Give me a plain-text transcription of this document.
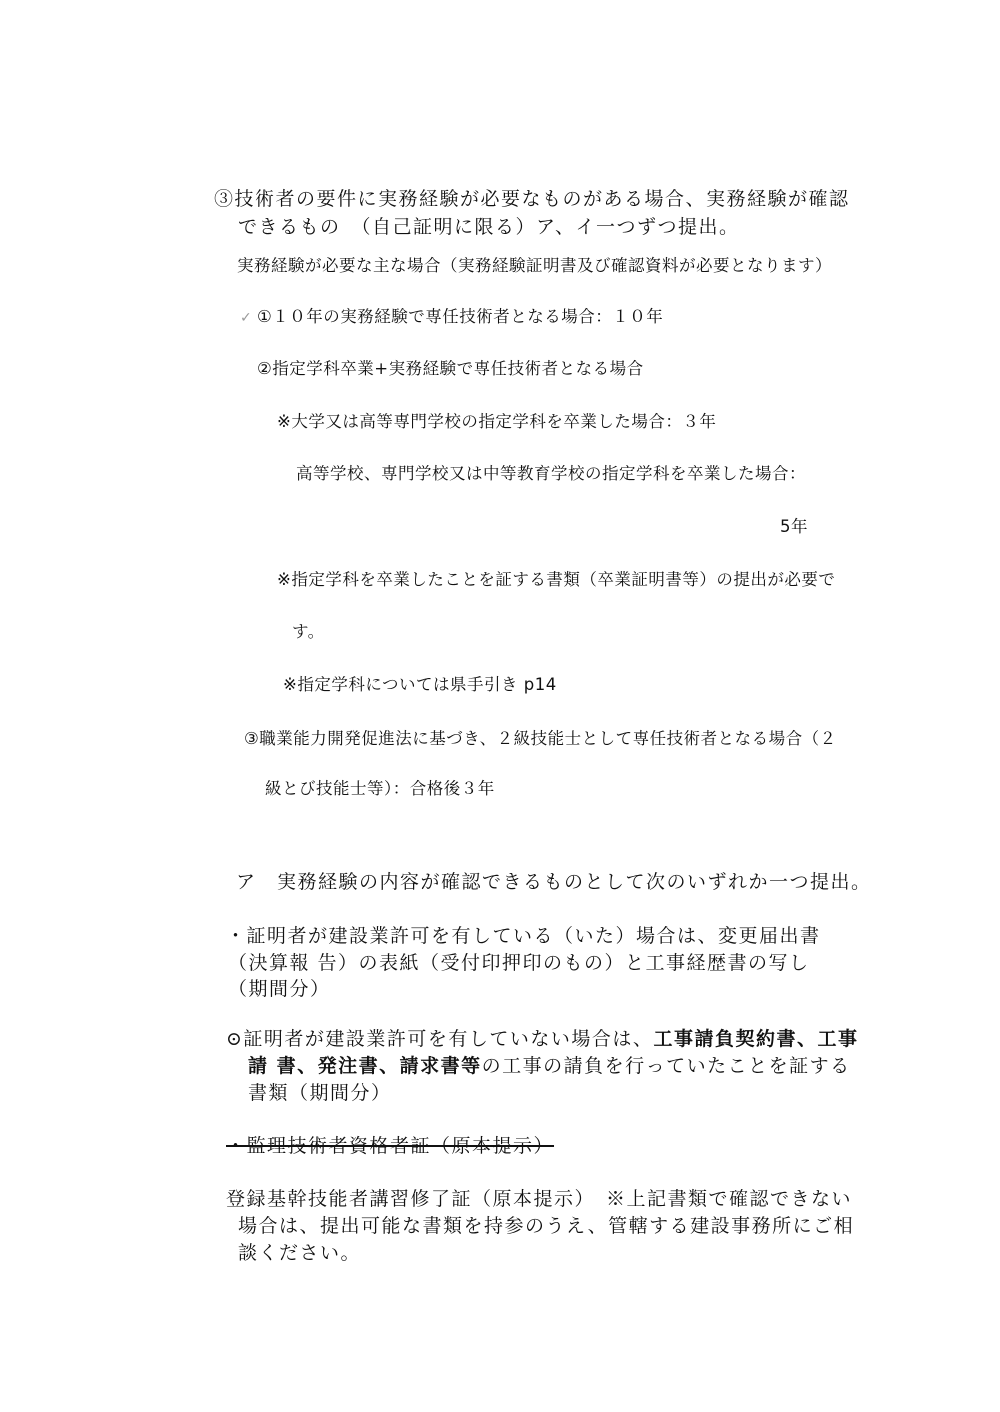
③技術者の要件に実務経験が必要なものがある場合、実務経験が確認
できるもの　（自己証明に限る）ア、イ一つずつ提出。
実務経験が必要な主な場合（実務経験証明書及び確認資料が必要となります）
✓ ①１０年の実務経験で専任技術者となる場合：１０年
②指定学科卒業+実務経験で専任技術者となる場合
※大学又は高等専門学校の指定学科を卒業した場合：３年
高等学校、専門学校又は中等教育学校の指定学科を卒業した場合：
5年
※指定学科を卒業したことを証する書類（卒業証明書等）の提出が必要で
す。
※指定学科については県手引き p14
③職業能力開発促進法に基づき、２級技能士として専任技術者となる場合（２
級とび技能士等）：合格後３年
ア　実務経験の内容が確認できるものとして次のいずれか一つ提出。
・証明者が建設業許可を有している（いた）場合は、変更届出書
（決算報 告）の表紙（受付印押印のもの）と工事経歴書の写し
（期間分）
⊙証明者が建設業許可を有していない場合は、工事請負契約書、工事
請 書、発注書、請求書等の工事の請負を行っていたことを証する
書類（期間分）
・監理技術者資格者証（原本提示）
登録基幹技能者講習修了証（原本提示）　※上記書類で確認できない
場合は、提出可能な書類を持参のうえ、管轄する建設事務所にご相
談ください。
